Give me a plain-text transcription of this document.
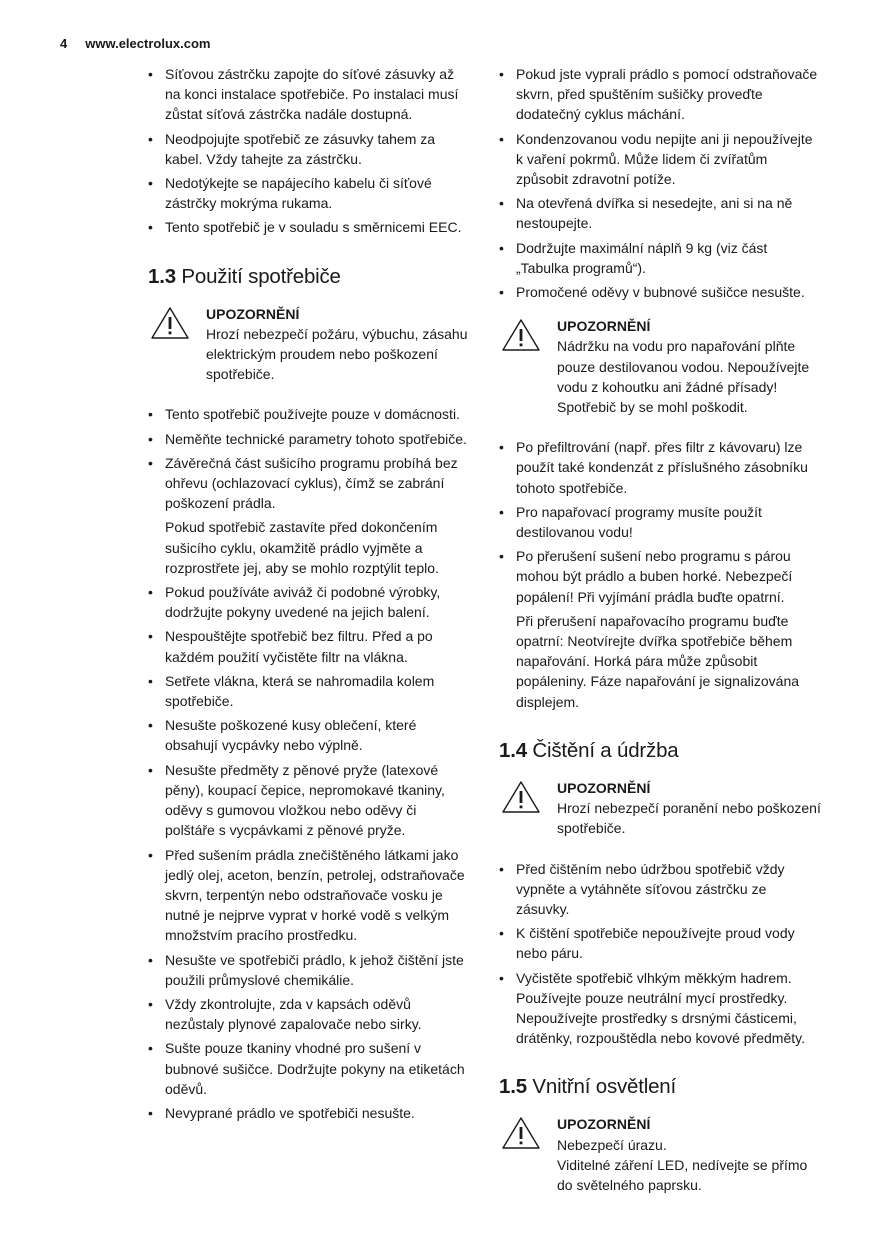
4 www.electrolux.com
• Síťovou zástrčku zapojte do síťové zásuvky až na konci instalace spotřebiče. Po instalaci musí zůstat síťová zástrčka nadále dostupná.
• Neodpojujte spotřebič ze zásuvky tahem za kabel. Vždy tahejte za zástrčku.
• Nedotýkejte se napájecího kabelu či síťové zástrčky mokrýma rukama.
• Tento spotřebič je v souladu s směrnicemi EEC.
1.3 Použití spotřebiče
UPOZORNĚNÍ
Hrozí nebezpečí požáru, výbuchu, zásahu elektrickým proudem nebo poškození spotřebiče.
• Tento spotřebič používejte pouze v domácnosti.
• Neměňte technické parametry tohoto spotřebiče.
• Závěrečná část sušicího programu probíhá bez ohřevu (ochlazovací cyklus), čímž se zabrání poškození prádla.

Pokud spotřebič zastavíte před dokončením sušicího cyklu, okamžitě prádlo vyjměte a rozprostřete jej, aby se mohlo rozptýlit teplo.

• Pokud používáte aviváž či podobné výrobky, dodržujte pokyny uvedené na jejich balení.
• Nespouštějte spotřebič bez filtru. Před a po každém použití vyčistěte filtr na vlákna.
• Setřete vlákna, která se nahromadila kolem spotřebiče.
• Nesušte poškozené kusy oblečení, které obsahují vycpávky nebo výplně.
• Nesušte předměty z pěnové pryže (latexové pěny), koupací čepice, nepromokavé tkaniny, oděvy s gumovou vložkou nebo oděvy či polštáře s vycpávkami z pěnové pryže.
• Před sušením prádla znečištěného látkami jako jedlý olej, aceton, benzín, petrolej, odstraňovače skvrn, terpentýn nebo odstraňovače vosku je nutné je nejprve vyprat v horké vodě s velkým množstvím pracího prostředku.
• Nesušte ve spotřebiči prádlo, k jehož čištění jste použili průmyslové chemikálie.
• Vždy zkontrolujte, zda v kapsách oděvů nezůstaly plynové zapalovače nebo sirky.
• Sušte pouze tkaniny vhodné pro sušení v bubnové sušičce. Dodržujte pokyny na etiketách oděvů.
• Nevyprané prádlo ve spotřebiči nesušte.
• Pokud jste vyprali prádlo s pomocí odstraňovače skvrn, před spuštěním sušičky proveďte dodatečný cyklus máchání.
• Kondenzovanou vodu nepijte ani ji nepoužívejte k vaření pokrmů. Může lidem či zvířatům způsobit zdravotní potíže.
• Na otevřená dvířka si nesedejte, ani si na ně nestoupejte.
• Dodržujte maximální náplň 9 kg (viz část „Tabulka programů“).
• Promočené oděvy v bubnové sušičce nesušte.
UPOZORNĚNÍ
Nádržku na vodu pro napařování plňte pouze destilovanou vodou. Nepoužívejte vodu z kohoutku ani žádné přísady! Spotřebič by se mohl poškodit.
• Po přefiltrování (např. přes filtr z kávovaru) lze použít také kondenzát z příslušného zásobníku tohoto spotřebiče.
• Pro napařovací programy musíte použít destilovanou vodu!
• Po přerušení sušení nebo programu s párou mohou být prádlo a buben horké. Nebezpečí popálení! Při vyjímání prádla buďte opatrní.

Při přerušení napařovacího programu buďte opatrní: Neotvírejte dvířka spotřebiče během napařování. Horká pára může způsobit popáleniny. Fáze napařování je signalizována displejem.

1.4 Čištění a údržba
UPOZORNĚNÍ
Hrozí nebezpečí poranění nebo poškození spotřebiče.
• Před čištěním nebo údržbou spotřebič vždy vypněte a vytáhněte síťovou zástrčku ze zásuvky.
• K čištění spotřebiče nepoužívejte proud vody nebo páru.
• Vyčistěte spotřebič vlhkým měkkým hadrem. Používejte pouze neutrální mycí prostředky. Nepoužívejte prostředky s drsnými částicemi, drátěnky, rozpouštědla nebo kovové předměty.
1.5 Vnitřní osvětlení
UPOZORNĚNÍ
Nebezpečí úrazu.
Viditelné záření LED, nedívejte se přímo do světelného paprsku.
